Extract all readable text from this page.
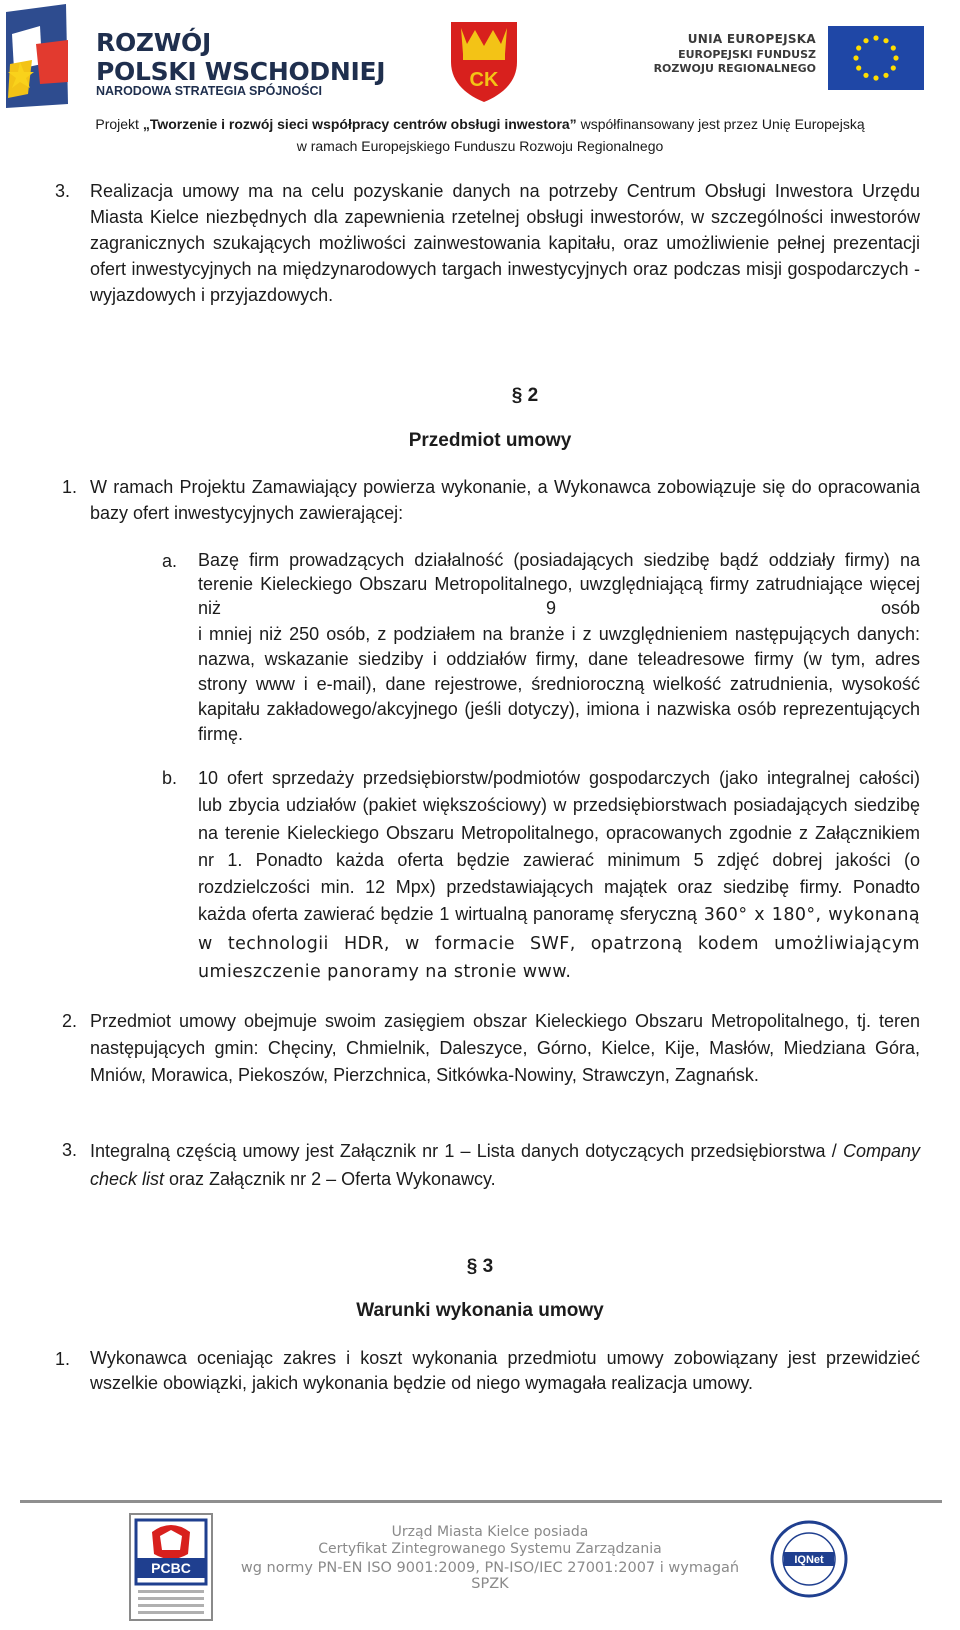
ROZWÓJ
POLSKI WSCHODNIEJ
NARODOWA STRATEGIA SPÓJNOŚCI	CK
UNIA EUROPEJSKA
EUROPEJSKI FUNDUSZ
ROZWOJU REGIONALNEGO
Projekt „Tworzenie i rozwój sieci współpracy centrów obsługi inwestora” współfinansowany jest przez Unię Europejską
w ramach Europejskiego Funduszu Rozwoju Regionalnego
3. Realizacja umowy ma na celu pozyskanie danych na potrzeby Centrum Obsługi Inwestora Urzędu Miasta Kielce niezbędnych dla zapewnienia rzetelnej obsługi inwestorów, w szczególności inwestorów zagranicznych szukających możliwości zainwestowania kapitału, oraz umożliwienie pełnej prezentacji ofert inwestycyjnych na międzynarodowych targach inwestycyjnych oraz podczas misji gospodarczych - wyjazdowych i przyjazdowych.
§ 2
Przedmiot umowy
1. W ramach Projektu Zamawiający powierza wykonanie, a Wykonawca zobowiązuje się do opracowania bazy ofert inwestycyjnych zawierającej:
a. Bazę firm prowadzących działalność (posiadających siedzibę bądź oddziały firmy) na terenie Kieleckiego Obszaru Metropolitalnego, uwzględniającą firmy zatrudniające więcej niż 9 osób
i mniej niż 250 osób, z podziałem na branże i z uwzględnieniem następujących danych: nazwa, wskazanie siedziby i oddziałów firmy, dane teleadresowe firmy (w tym, adres strony www i e-mail), dane rejestrowe, średnioroczną wielkość zatrudnienia, wysokość kapitału zakładowego/akcyjnego (jeśli dotyczy), imiona i nazwiska osób reprezentujących firmę.
b. 10 ofert sprzedaży przedsiębiorstw/podmiotów gospodarczych (jako integralnej całości) lub zbycia udziałów (pakiet większościowy) w przedsiębiorstwach posiadających siedzibę na terenie Kieleckiego Obszaru Metropolitalnego, opracowanych zgodnie z Załącznikiem nr 1. Ponadto każda oferta będzie zawierać minimum 5 zdjęć dobrej jakości (o rozdzielczości min. 12 Mpx) przedstawiających majątek oraz siedzibę firmy. Ponadto każda oferta zawierać będzie 1 wirtualną panoramę sferyczną 360° x 180°, wykonaną w technologii HDR, w formacie SWF, opatrzoną kodem umożliwiającym umieszczenie panoramy na stronie www.
2. Przedmiot umowy obejmuje swoim zasięgiem obszar Kieleckiego Obszaru Metropolitalnego, tj. teren następujących gmin: Chęciny, Chmielnik, Daleszyce, Górno, Kielce, Kije, Masłów, Miedziana Góra, Mniów, Morawica, Piekoszów, Pierzchnica, Sitkówka-Nowiny, Strawczyn, Zagnańsk.
3. Integralną częścią umowy jest Załącznik nr 1 – Lista danych dotyczących przedsiębiorstwa / Company check list oraz Załącznik nr 2 – Oferta Wykonawcy.
§ 3
Warunki wykonania umowy
1. Wykonawca oceniając zakres i koszt wykonania przedmiotu umowy zobowiązany jest przewidzieć wszelkie obowiązki, jakich wykonania będzie od niego wymagała realizacja umowy.
PCBC
Urząd Miasta Kielce posiada
Certyfikat Zintegrowanego Systemu Zarządzania
wg normy PN-EN ISO 9001:2009, PN-ISO/IEC 27001:2007 i wymagań SPZK
IQNet
